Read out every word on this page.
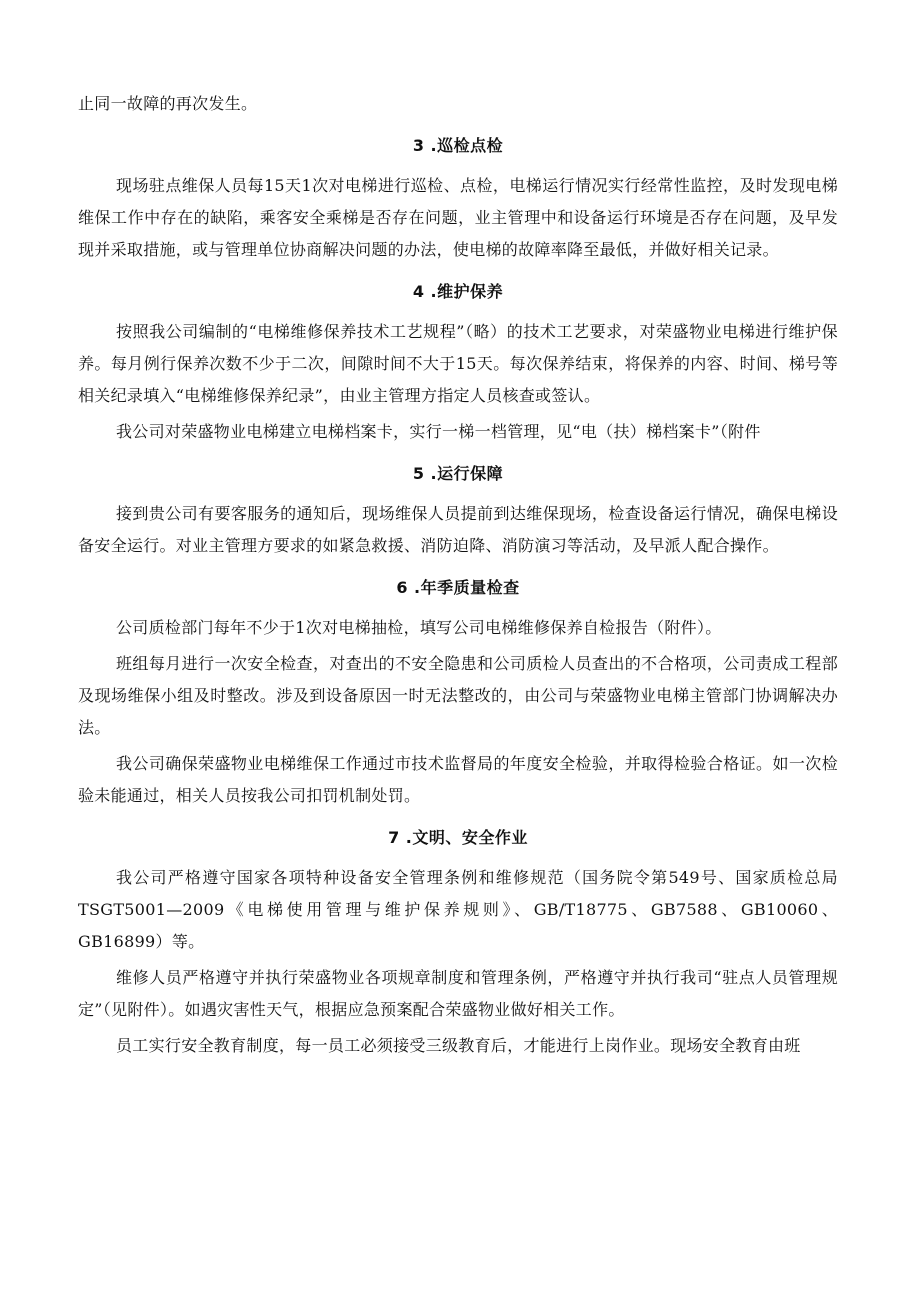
止同一故障的再次发生。

3 .巡检点检

现场驻点维保人员每15天1次对电梯进行巡检、点检，电梯运行情况实行经常性监控，及时发现电梯维保工作中存在的缺陷，乘客安全乘梯是否存在问题，业主管理中和设备运行环境是否存在问题，及早发现并采取措施，或与管理单位协商解决问题的办法，使电梯的故障率降至最低，并做好相关记录。

4 .维护保养

按照我公司编制的“电梯维修保养技术工艺规程”（略）的技术工艺要求，对荣盛物业电梯进行维护保养。每月例行保养次数不少于二次，间隙时间不大于15天。每次保养结束，将保养的内容、时间、梯号等相关纪录填入“电梯维修保养纪录”，由业主管理方指定人员核查或签认。

我公司对荣盛物业电梯建立电梯档案卡，实行一梯一档管理，见“电（扶）梯档案卡”（附件

5 .运行保障

接到贵公司有要客服务的通知后，现场维保人员提前到达维保现场，检查设备运行情况，确保电梯设备安全运行。对业主管理方要求的如紧急救援、消防迫降、消防演习等活动，及早派人配合操作。

6 .年季质量检查

公司质检部门每年不少于1次对电梯抽检，填写公司电梯维修保养自检报告（附件）。

班组每月进行一次安全检查，对查出的不安全隐患和公司质检人员查出的不合格项，公司责成工程部及现场维保小组及时整改。涉及到设备原因一时无法整改的，由公司与荣盛物业电梯主管部门协调解决办法。

我公司确保荣盛物业电梯维保工作通过市技术监督局的年度安全检验，并取得检验合格证。如一次检验未能通过，相关人员按我公司扣罚机制处罚。

7 .文明、安全作业

我公司严格遵守国家各项特种设备安全管理条例和维修规范（国务院令第549号、国家质检总局TSGT5001—2009《电梯使用管理与维护保养规则》、GB/T18775、GB7588、GB10060、GB16899）等。

维修人员严格遵守并执行荣盛物业各项规章制度和管理条例，严格遵守并执行我司“驻点人员管理规定”（见附件）。如遇灾害性天气，根据应急预案配合荣盛物业做好相关工作。

员工实行安全教育制度，每一员工必须接受三级教育后，才能进行上岗作业。现场安全教育由班
